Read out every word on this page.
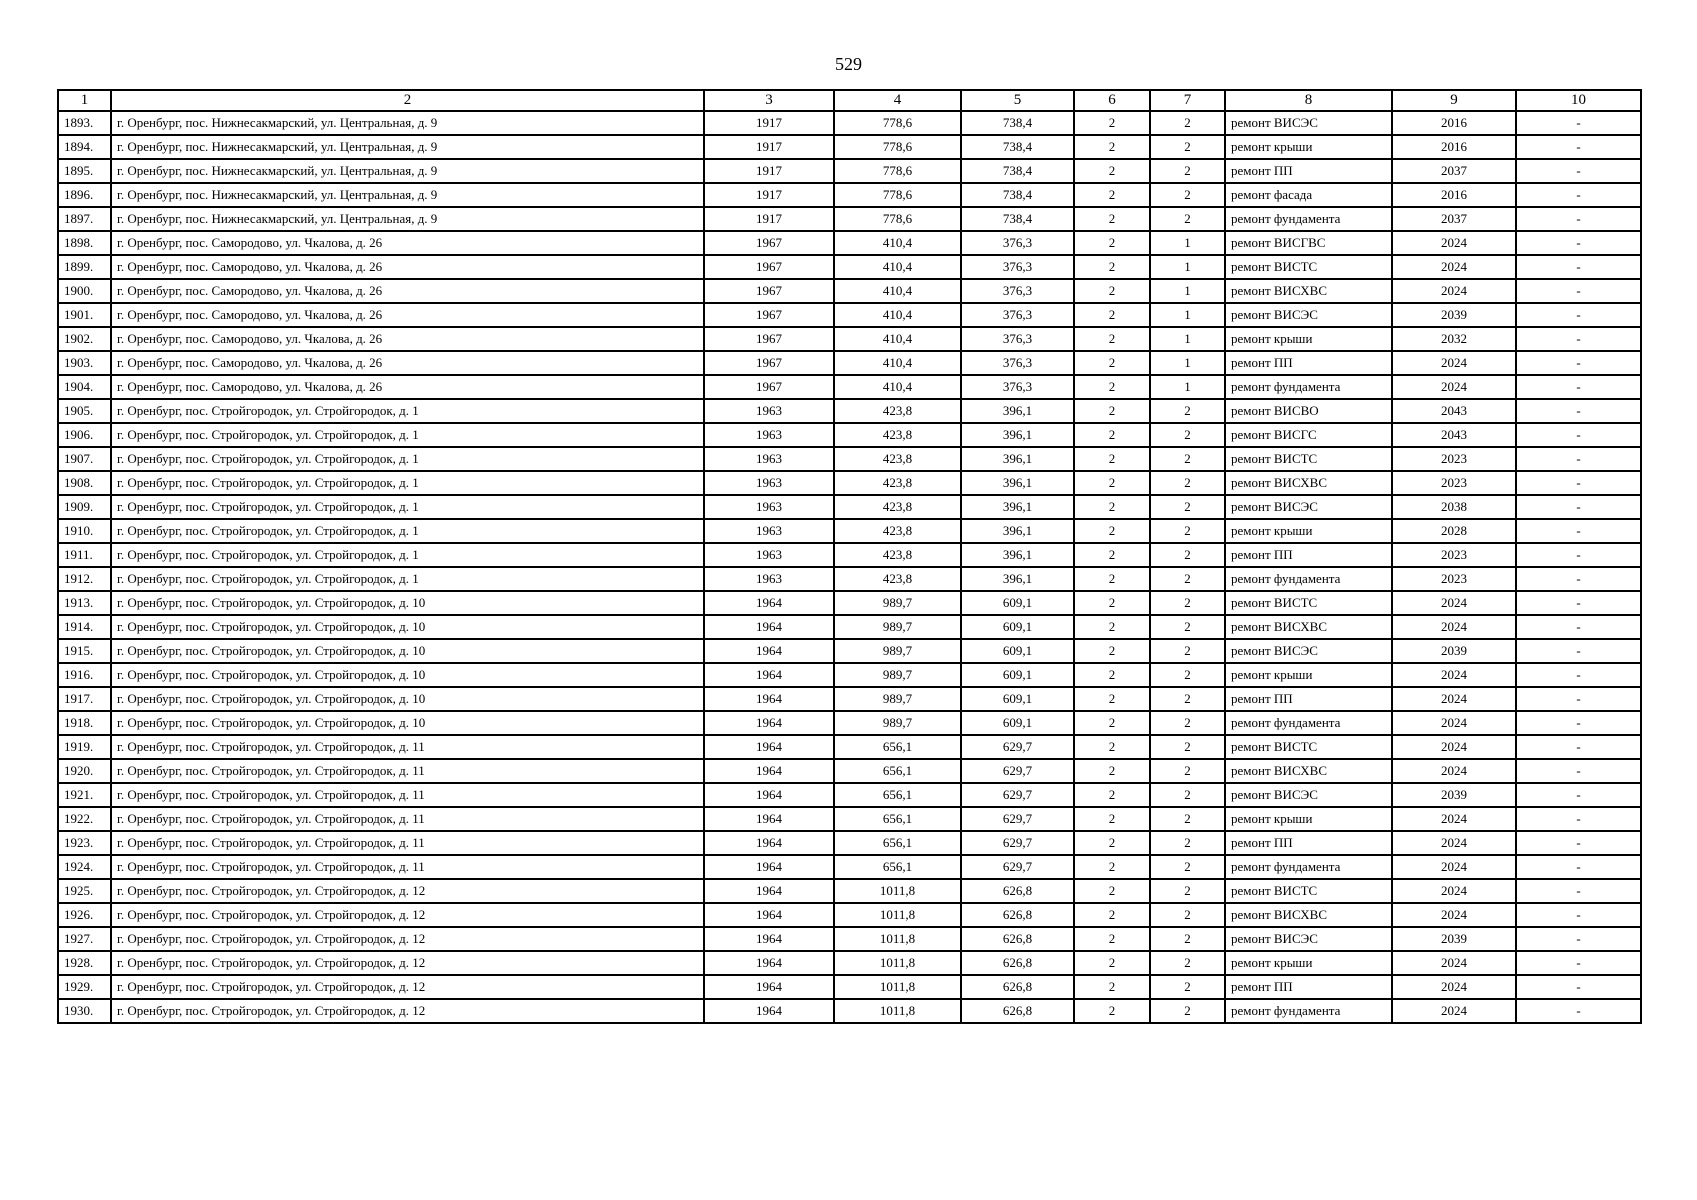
529
1	2	3	4	5	6	7	8	9	10
1893.	г. Оренбург, пос. Нижнесакмарский, ул. Центральная, д. 9	1917	778,6	738,4	2	2	ремонт ВИСЭС	2016	-
1894.	г. Оренбург, пос. Нижнесакмарский, ул. Центральная, д. 9	1917	778,6	738,4	2	2	ремонт крыши	2016	-
1895.	г. Оренбург, пос. Нижнесакмарский, ул. Центральная, д. 9	1917	778,6	738,4	2	2	ремонт ПП	2037	-
1896.	г. Оренбург, пос. Нижнесакмарский, ул. Центральная, д. 9	1917	778,6	738,4	2	2	ремонт фасада	2016	-
1897.	г. Оренбург, пос. Нижнесакмарский, ул. Центральная, д. 9	1917	778,6	738,4	2	2	ремонт фундамента	2037	-
1898.	г. Оренбург, пос. Самородово, ул. Чкалова, д. 26	1967	410,4	376,3	2	1	ремонт ВИСГВС	2024	-
1899.	г. Оренбург, пос. Самородово, ул. Чкалова, д. 26	1967	410,4	376,3	2	1	ремонт ВИСТС	2024	-
1900.	г. Оренбург, пос. Самородово, ул. Чкалова, д. 26	1967	410,4	376,3	2	1	ремонт ВИСХВС	2024	-
1901.	г. Оренбург, пос. Самородово, ул. Чкалова, д. 26	1967	410,4	376,3	2	1	ремонт ВИСЭС	2039	-
1902.	г. Оренбург, пос. Самородово, ул. Чкалова, д. 26	1967	410,4	376,3	2	1	ремонт крыши	2032	-
1903.	г. Оренбург, пос. Самородово, ул. Чкалова, д. 26	1967	410,4	376,3	2	1	ремонт ПП	2024	-
1904.	г. Оренбург, пос. Самородово, ул. Чкалова, д. 26	1967	410,4	376,3	2	1	ремонт фундамента	2024	-
1905.	г. Оренбург, пос. Стройгородок, ул. Стройгородок, д. 1	1963	423,8	396,1	2	2	ремонт ВИСВО	2043	-
1906.	г. Оренбург, пос. Стройгородок, ул. Стройгородок, д. 1	1963	423,8	396,1	2	2	ремонт ВИСГС	2043	-
1907.	г. Оренбург, пос. Стройгородок, ул. Стройгородок, д. 1	1963	423,8	396,1	2	2	ремонт ВИСТС	2023	-
1908.	г. Оренбург, пос. Стройгородок, ул. Стройгородок, д. 1	1963	423,8	396,1	2	2	ремонт ВИСХВС	2023	-
1909.	г. Оренбург, пос. Стройгородок, ул. Стройгородок, д. 1	1963	423,8	396,1	2	2	ремонт ВИСЭС	2038	-
1910.	г. Оренбург, пос. Стройгородок, ул. Стройгородок, д. 1	1963	423,8	396,1	2	2	ремонт крыши	2028	-
1911.	г. Оренбург, пос. Стройгородок, ул. Стройгородок, д. 1	1963	423,8	396,1	2	2	ремонт ПП	2023	-
1912.	г. Оренбург, пос. Стройгородок, ул. Стройгородок, д. 1	1963	423,8	396,1	2	2	ремонт фундамента	2023	-
1913.	г. Оренбург, пос. Стройгородок, ул. Стройгородок, д. 10	1964	989,7	609,1	2	2	ремонт ВИСТС	2024	-
1914.	г. Оренбург, пос. Стройгородок, ул. Стройгородок, д. 10	1964	989,7	609,1	2	2	ремонт ВИСХВС	2024	-
1915.	г. Оренбург, пос. Стройгородок, ул. Стройгородок, д. 10	1964	989,7	609,1	2	2	ремонт ВИСЭС	2039	-
1916.	г. Оренбург, пос. Стройгородок, ул. Стройгородок, д. 10	1964	989,7	609,1	2	2	ремонт крыши	2024	-
1917.	г. Оренбург, пос. Стройгородок, ул. Стройгородок, д. 10	1964	989,7	609,1	2	2	ремонт ПП	2024	-
1918.	г. Оренбург, пос. Стройгородок, ул. Стройгородок, д. 10	1964	989,7	609,1	2	2	ремонт фундамента	2024	-
1919.	г. Оренбург, пос. Стройгородок, ул. Стройгородок, д. 11	1964	656,1	629,7	2	2	ремонт ВИСТС	2024	-
1920.	г. Оренбург, пос. Стройгородок, ул. Стройгородок, д. 11	1964	656,1	629,7	2	2	ремонт ВИСХВС	2024	-
1921.	г. Оренбург, пос. Стройгородок, ул. Стройгородок, д. 11	1964	656,1	629,7	2	2	ремонт ВИСЭС	2039	-
1922.	г. Оренбург, пос. Стройгородок, ул. Стройгородок, д. 11	1964	656,1	629,7	2	2	ремонт крыши	2024	-
1923.	г. Оренбург, пос. Стройгородок, ул. Стройгородок, д. 11	1964	656,1	629,7	2	2	ремонт ПП	2024	-
1924.	г. Оренбург, пос. Стройгородок, ул. Стройгородок, д. 11	1964	656,1	629,7	2	2	ремонт фундамента	2024	-
1925.	г. Оренбург, пос. Стройгородок, ул. Стройгородок, д. 12	1964	1011,8	626,8	2	2	ремонт ВИСТС	2024	-
1926.	г. Оренбург, пос. Стройгородок, ул. Стройгородок, д. 12	1964	1011,8	626,8	2	2	ремонт ВИСХВС	2024	-
1927.	г. Оренбург, пос. Стройгородок, ул. Стройгородок, д. 12	1964	1011,8	626,8	2	2	ремонт ВИСЭС	2039	-
1928.	г. Оренбург, пос. Стройгородок, ул. Стройгородок, д. 12	1964	1011,8	626,8	2	2	ремонт крыши	2024	-
1929.	г. Оренбург, пос. Стройгородок, ул. Стройгородок, д. 12	1964	1011,8	626,8	2	2	ремонт ПП	2024	-
1930.	г. Оренбург, пос. Стройгородок, ул. Стройгородок, д. 12	1964	1011,8	626,8	2	2	ремонт фундамента	2024	-
